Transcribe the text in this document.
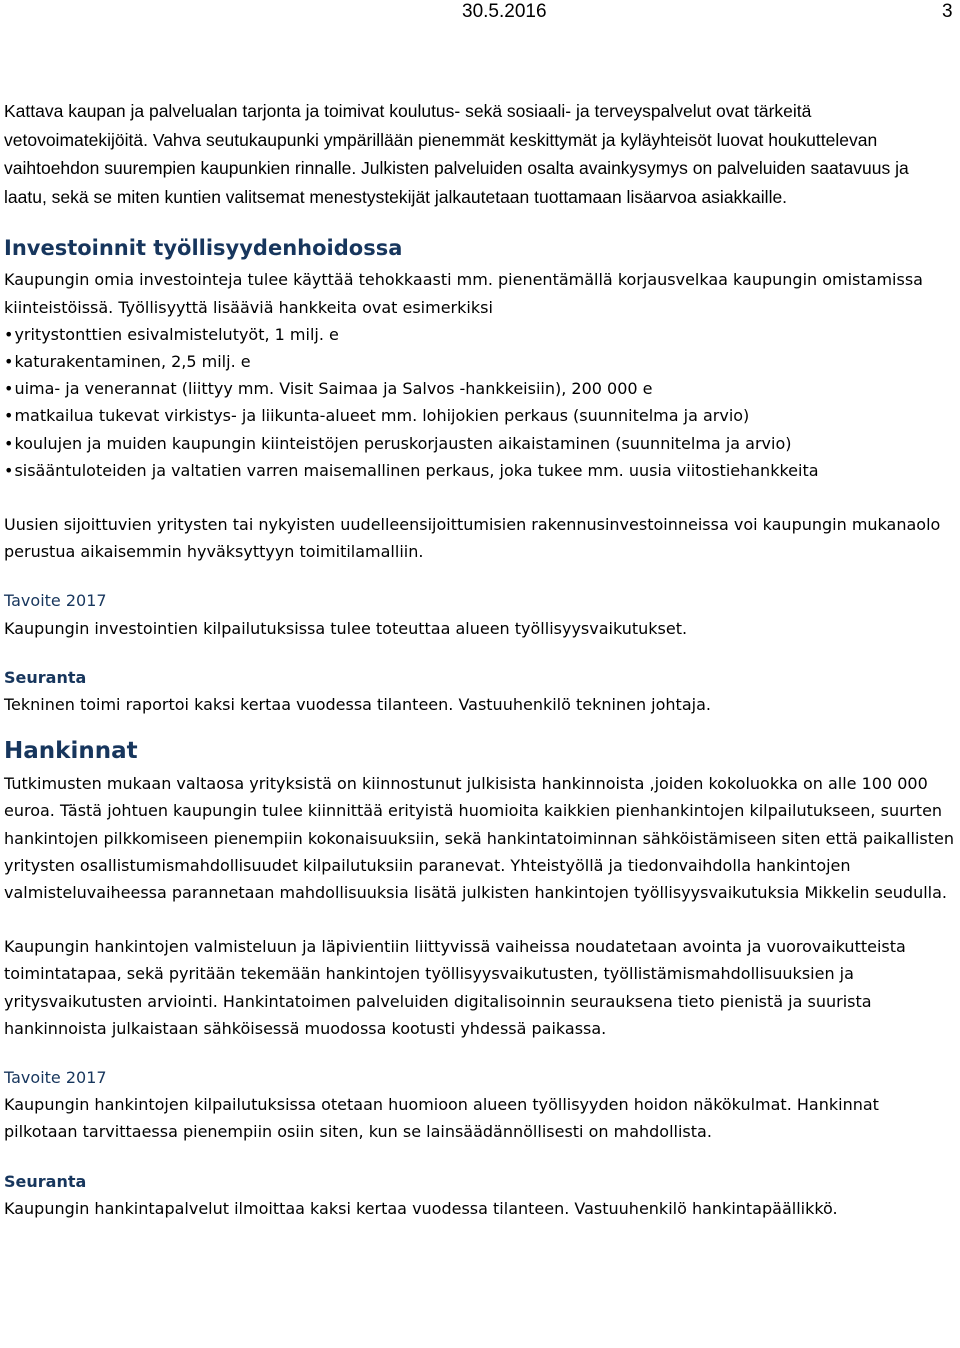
30.5.2016	3

Kattava kaupan ja palvelualan tarjonta ja toimivat koulutus- sekä sosiaali- ja terveyspalvelut ovat tärkeitä vetovoimatekijöitä. Vahva seutukaupunki ympärillään pienemmät keskittymät ja kyläyhteisöt luovat houkuttelevan vaihtoehdon suurempien kaupunkien rinnalle. Julkisten palveluiden osalta avainkysymys on palveluiden saatavuus ja laatu, sekä se miten kuntien valitsemat menestystekijät jalkautetaan tuottamaan lisäarvoa asiakkaille.

Investoinnit työllisyydenhoidossa

Kaupungin omia investointeja tulee käyttää tehokkaasti mm. pienentämällä korjausvelkaa kaupungin omistamissa kiinteistöissä. Työllisyyttä lisääviä hankkeita ovat esimerkiksi

• yritystonttien esivalmistelutyöt, 1 milj. e
• katurakentaminen, 2,5 milj. e
• uima- ja venerannat (liittyy mm. Visit Saimaa ja Salvos -hankkeisiin), 200 000 e
• matkailua tukevat virkistys- ja liikunta-alueet mm. lohijokien perkaus (suunnitelma ja arvio)
• koulujen ja muiden kaupungin kiinteistöjen peruskorjausten aikaistaminen (suunnitelma ja arvio)
• sisääntuloteiden ja valtatien varren maisemallinen perkaus, joka tukee mm. uusia viitostiehankkeita

Uusien sijoittuvien yritysten tai nykyisten uudelleensijoittumisien rakennusinvestoinneissa voi kaupungin mukanaolo perustua aikaisemmin hyväksyttyyn toimitilamalliin.

Tavoite 2017

Kaupungin investointien kilpailutuksissa tulee toteuttaa alueen työllisyysvaikutukset.

Seuranta

Tekninen toimi raportoi kaksi kertaa vuodessa tilanteen. Vastuuhenkilö tekninen johtaja.

Hankinnat

Tutkimusten mukaan valtaosa yrityksistä on kiinnostunut julkisista hankinnoista ,joiden kokoluokka on alle 100 000 euroa. Tästä johtuen kaupungin tulee kiinnittää erityistä huomioita kaikkien pienhankintojen kilpailutukseen, suurten hankintojen pilkkomiseen pienempiin kokonaisuuksiin, sekä hankintatoiminnan sähköistämiseen siten että paikallisten yritysten osallistumismahdollisuudet kilpailutuksiin paranevat. Yhteistyöllä ja tiedonvaihdolla hankintojen valmisteluvaiheessa parannetaan mahdollisuuksia lisätä julkisten hankintojen työllisyysvaikutuksia Mikkelin seudulla.

Kaupungin hankintojen valmisteluun ja läpivientiin liittyvissä vaiheissa noudatetaan avointa ja vuorovaikutteista toimintatapaa, sekä pyritään tekemään hankintojen työllisyysvaikutusten, työllistämismahdollisuuksien ja yritysvaikutusten arviointi. Hankintatoimen palveluiden digitalisoinnin seurauksena tieto pienistä ja suurista hankinnoista julkaistaan sähköisessä muodossa kootusti yhdessä paikassa.

Tavoite 2017

Kaupungin hankintojen kilpailutuksissa otetaan huomioon alueen työllisyyden hoidon näkökulmat. Hankinnat pilkotaan tarvittaessa pienempiin osiin siten, kun se lainsäädännöllisesti on mahdollista.

Seuranta

Kaupungin hankintapalvelut ilmoittaa kaksi kertaa vuodessa tilanteen. Vastuuhenkilö hankintapäällikkö.
